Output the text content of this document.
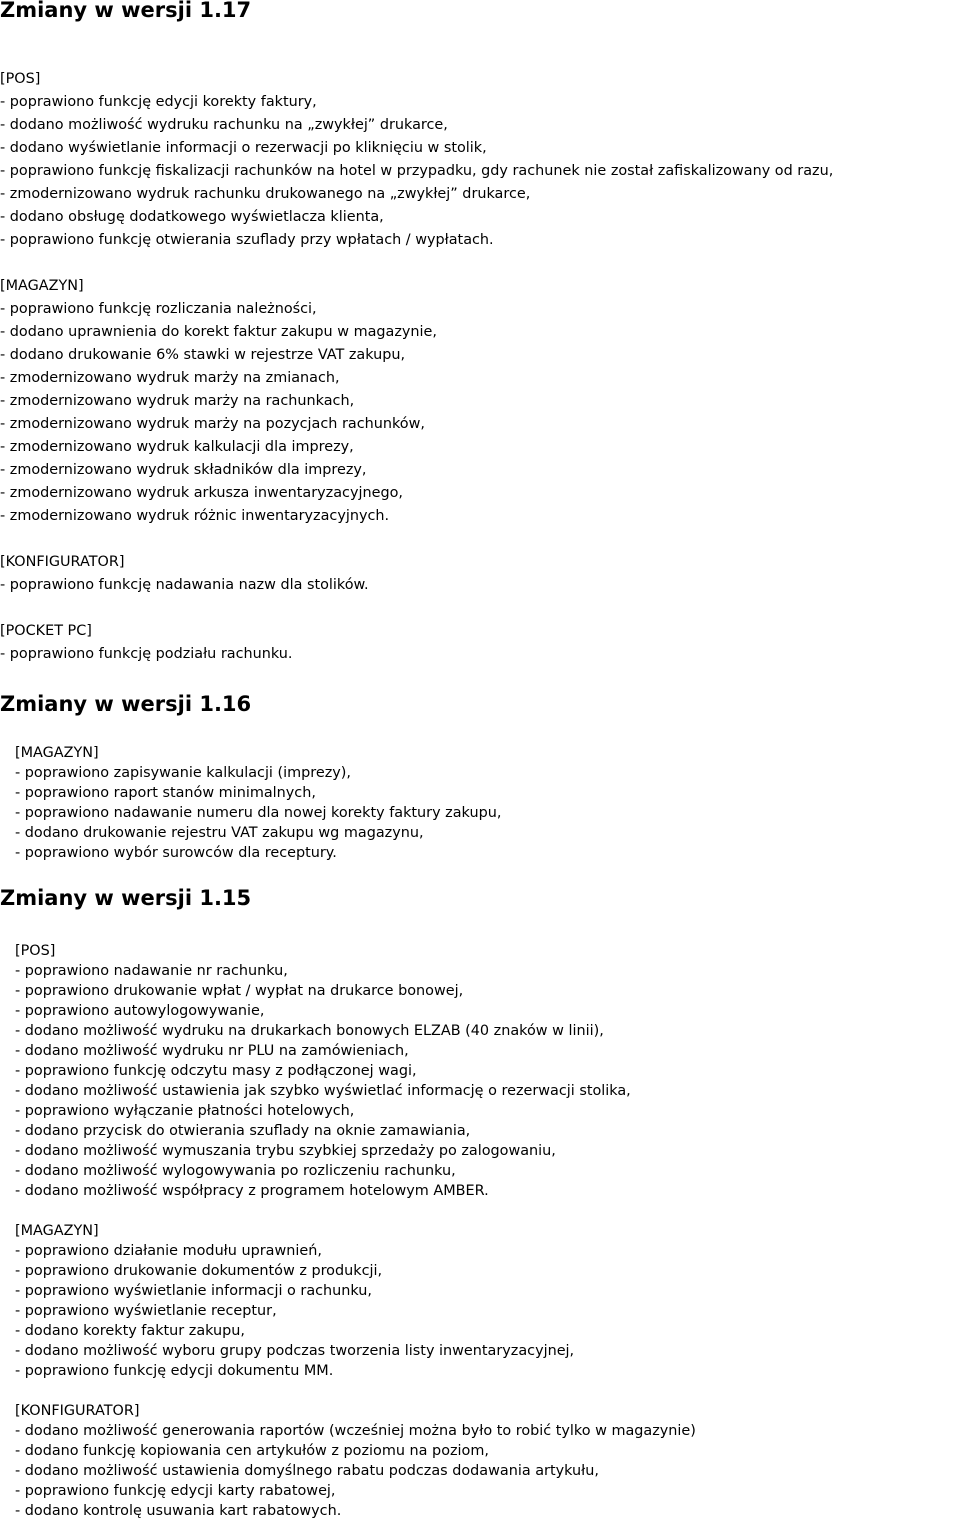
Zmiany w wersji 1.17
[POS]
- poprawiono funkcję edycji korekty faktury,
- dodano możliwość wydruku rachunku na „zwykłej” drukarce,
- dodano wyświetlanie informacji o rezerwacji po kliknięciu w stolik,
- poprawiono funkcję fiskalizacji rachunków na hotel w przypadku, gdy rachunek nie został zafiskalizowany od razu,
- zmodernizowano wydruk rachunku drukowanego na „zwykłej” drukarce,
- dodano obsługę dodatkowego wyświetlacza klienta,
- poprawiono funkcję otwierania szuflady przy wpłatach / wypłatach.
[MAGAZYN]
- poprawiono funkcję rozliczania należności,
- dodano uprawnienia do korekt faktur zakupu w magazynie,
- dodano drukowanie 6% stawki w rejestrze VAT zakupu,
- zmodernizowano wydruk marży na zmianach,
- zmodernizowano wydruk marży na rachunkach,
- zmodernizowano wydruk marży na pozycjach rachunków,
- zmodernizowano wydruk kalkulacji dla imprezy,
- zmodernizowano wydruk składników dla imprezy,
- zmodernizowano wydruk arkusza inwentaryzacyjnego,
- zmodernizowano wydruk różnic inwentaryzacyjnych.
[KONFIGURATOR]
- poprawiono funkcję nadawania nazw dla stolików.
[POCKET PC]
- poprawiono funkcję podziału rachunku.
Zmiany w wersji 1.16
[MAGAZYN]
- poprawiono zapisywanie kalkulacji (imprezy),
- poprawiono raport stanów minimalnych,
- poprawiono nadawanie numeru dla nowej korekty faktury zakupu,
- dodano drukowanie rejestru VAT zakupu wg magazynu,
- poprawiono wybór surowców dla receptury.
Zmiany w wersji 1.15
[POS]
- poprawiono nadawanie nr rachunku,
- poprawiono drukowanie wpłat / wypłat na drukarce bonowej,
- poprawiono autowylogowywanie,
- dodano możliwość wydruku na drukarkach bonowych ELZAB (40 znaków w linii),
- dodano możliwość wydruku nr PLU na zamówieniach,
- poprawiono funkcję odczytu masy z podłączonej wagi,
- dodano możliwość ustawienia jak szybko wyświetlać informację o rezerwacji stolika,
- poprawiono wyłączanie płatności hotelowych,
- dodano przycisk do otwierania szuflady na oknie zamawiania,
- dodano możliwość wymuszania trybu szybkiej sprzedaży po zalogowaniu,
- dodano możliwość wylogowywania po rozliczeniu rachunku,
- dodano możliwość współpracy z programem hotelowym AMBER.
[MAGAZYN]
- poprawiono działanie modułu uprawnień,
- poprawiono drukowanie dokumentów z produkcji,
- poprawiono wyświetlanie informacji o rachunku,
- poprawiono wyświetlanie receptur,
- dodano korekty faktur zakupu,
- dodano możliwość wyboru grupy podczas tworzenia listy inwentaryzacyjnej,
- poprawiono funkcję edycji dokumentu MM.
[KONFIGURATOR]
- dodano możliwość generowania raportów (wcześniej można było to robić tylko w magazynie)
- dodano funkcję kopiowania cen artykułów z poziomu na poziom,
- dodano możliwość ustawienia domyślnego rabatu podczas dodawania artykułu,
- poprawiono funkcję edycji karty rabatowej,
- dodano kontrolę usuwania kart rabatowych.
